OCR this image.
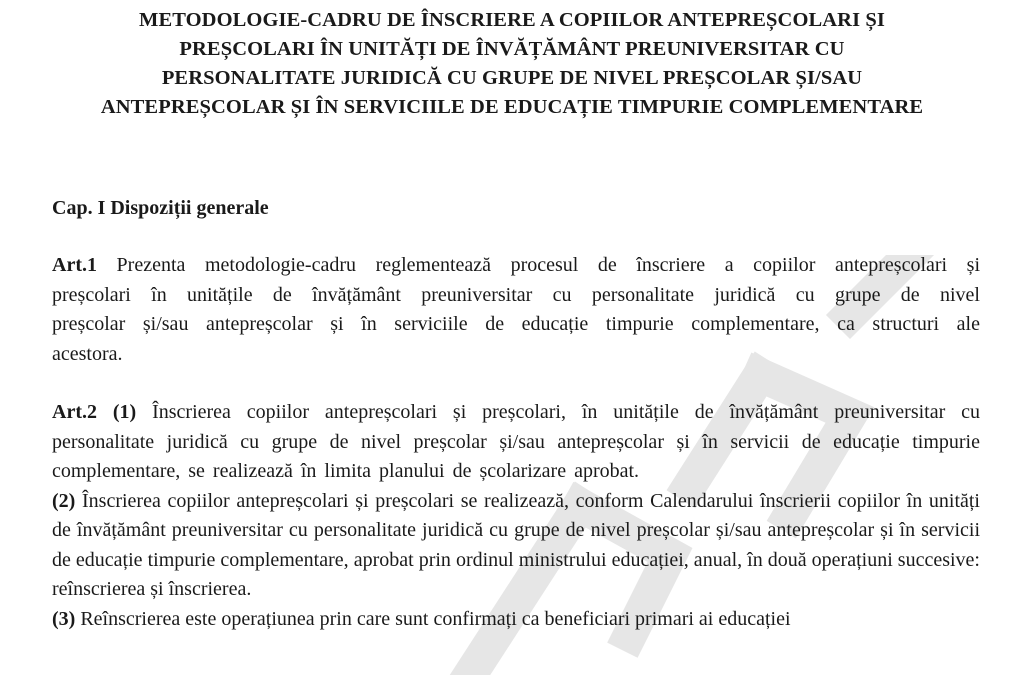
METODOLOGIE-CADRU DE ÎNSCRIERE A COPIILOR ANTEPREȘCOLARI ȘI
PREȘCOLARI ÎN UNITĂȚI DE ÎNVĂȚĂMÂNT PREUNIVERSITAR CU
PERSONALITATE JURIDICĂ CU GRUPE DE NIVEL PREȘCOLAR ȘI/SAU
ANTEPREȘCOLAR ȘI ÎN SERVICIILE DE EDUCAȚIE TIMPURIE COMPLEMENTARE
Cap. I Dispoziții generale
Art.1 Prezenta metodologie-cadru reglementează procesul de înscriere a copiilor antepreșcolari și preșcolari în unitățile de învățământ preuniversitar cu personalitate juridică cu grupe de nivel preșcolar și/sau antepreșcolar și în serviciile de educație timpurie complementare, ca structuri ale acestora.
Art.2 (1) Înscrierea copiilor antepreșcolari și preșcolari, în unitățile de învățământ preuniversitar cu personalitate juridică cu grupe de nivel preșcolar și/sau antepreșcolar și în servicii de educație timpurie complementare, se realizează în limita planului de școlarizare aprobat.
(2) Înscrierea copiilor antepreșcolari și preșcolari se realizează, conform Calendarului înscrierii copiilor în unități de învățământ preuniversitar cu personalitate juridică cu grupe de nivel preșcolar și/sau antepreșcolar și în servicii de educație timpurie complementare, aprobat prin ordinul ministrului educației, anual, în două operațiuni succesive: reînscrierea și înscrierea.
(3) Reînscrierea este operațiunea prin care sunt confirmați ca beneficiari primari ai educației
